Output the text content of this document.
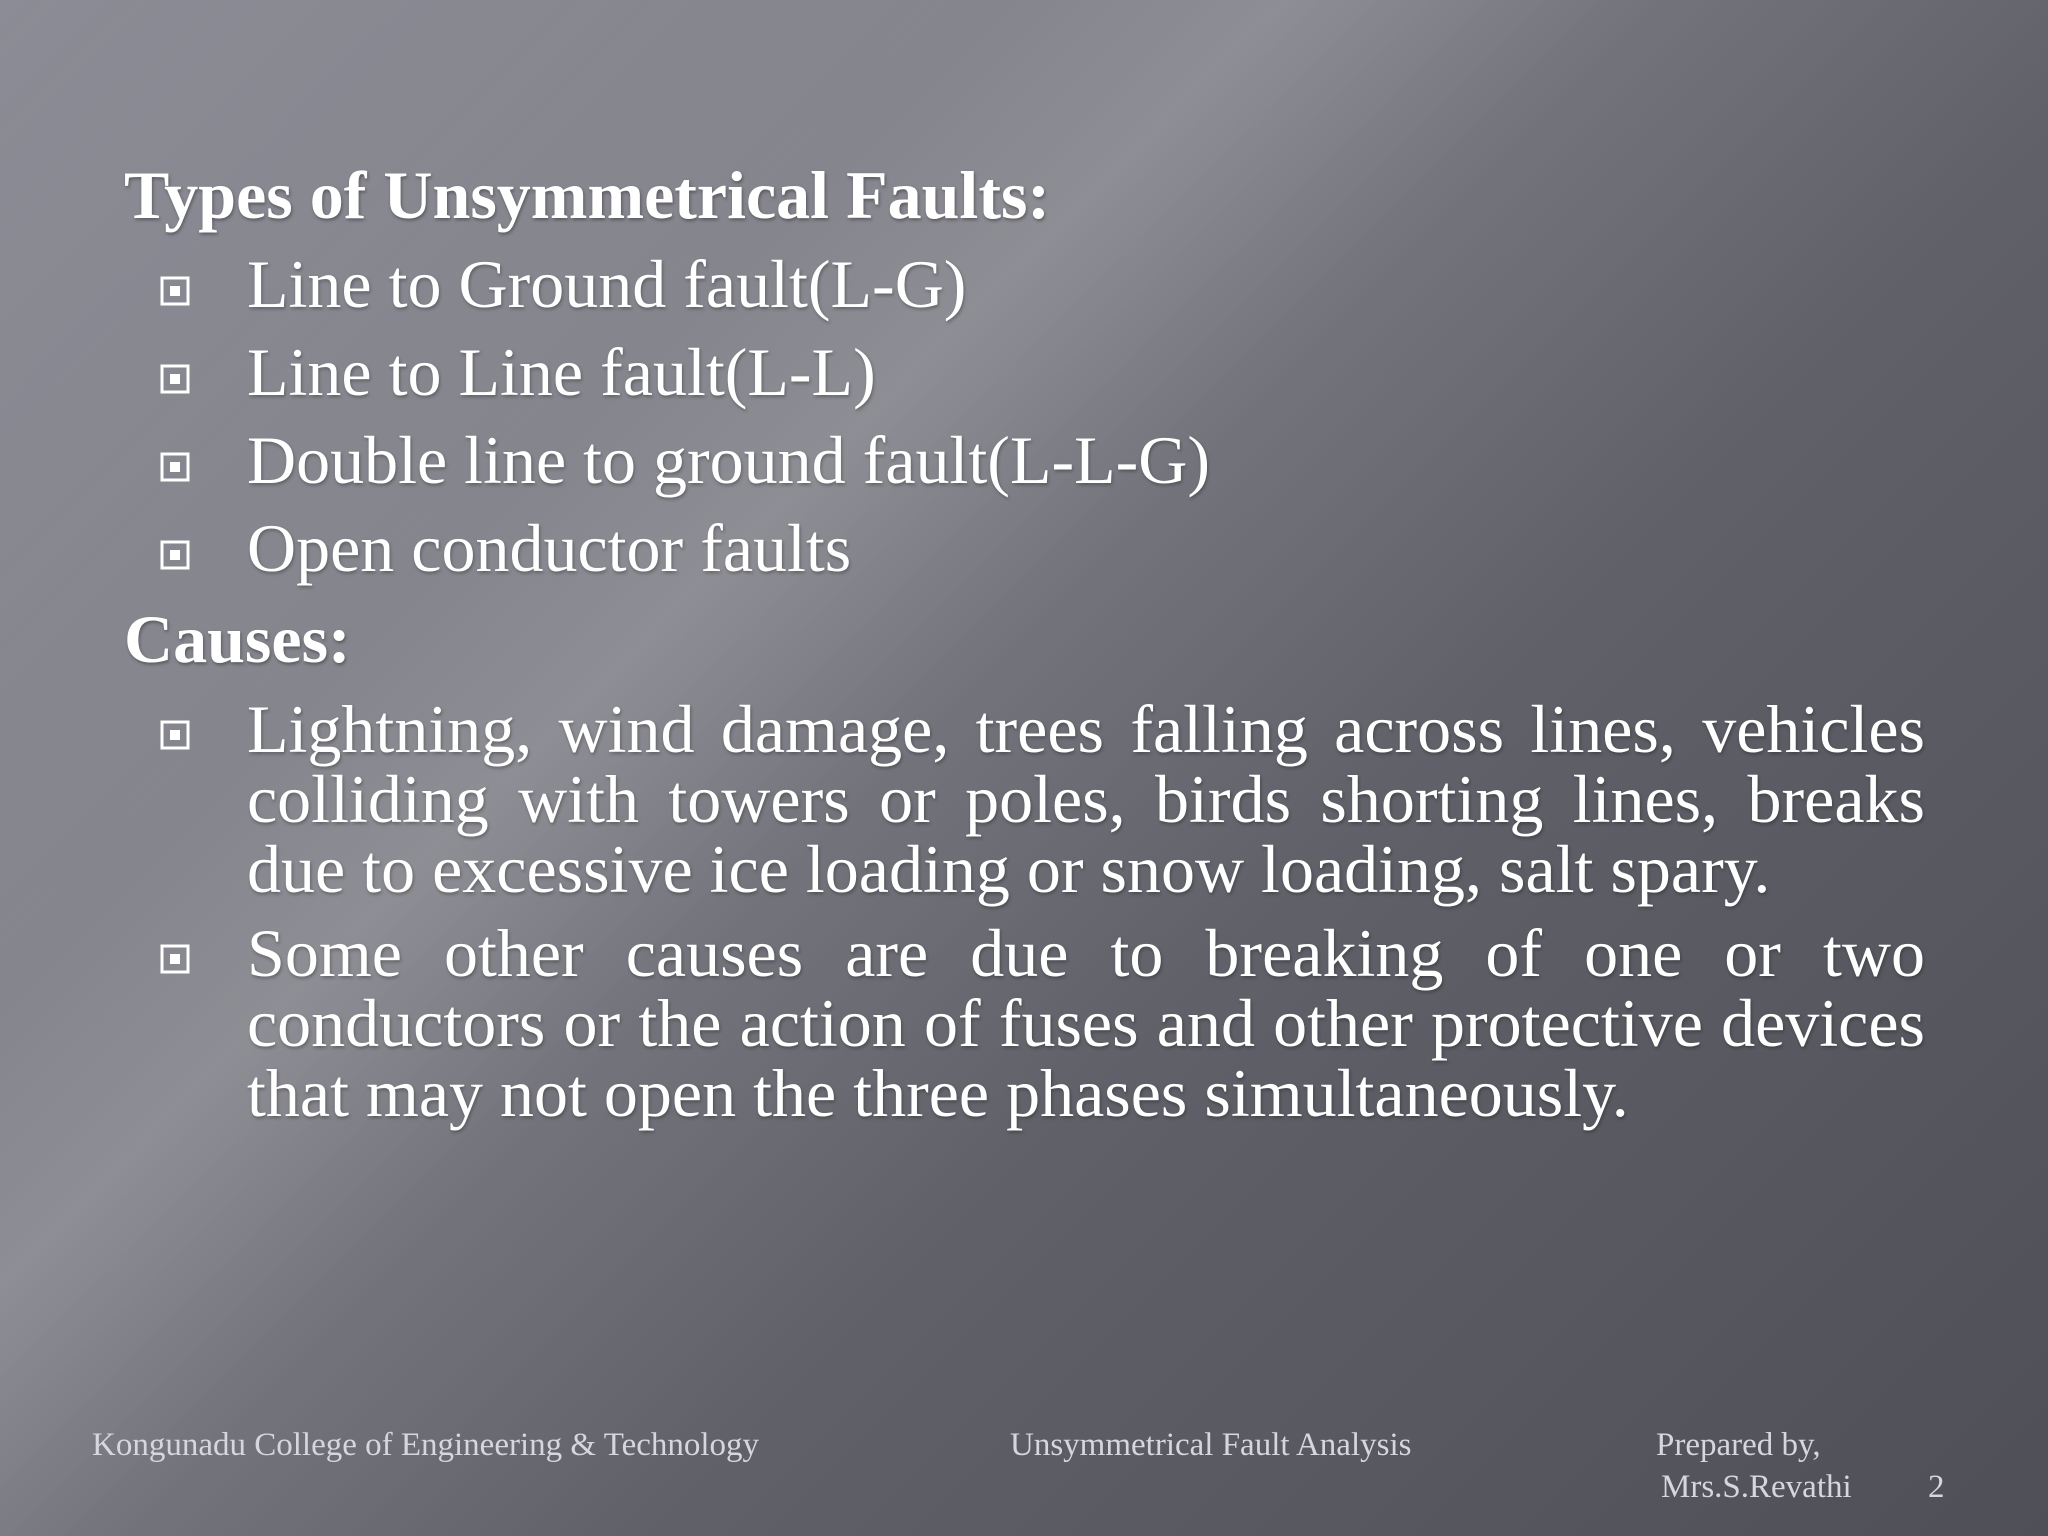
Types of Unsymmetrical Faults:

Line to Ground fault(L-G)
Line to Line fault(L-L)
Double line to ground fault(L-L-G)
Open conductor faults

Causes:

Lightning, wind damage, trees falling across lines, vehicles colliding with towers or poles, birds shorting lines, breaks due to excessive ice loading or snow loading, salt spary.
Some other causes are due to breaking of one or two conductors or the action of fuses and other protective devices that may not open the three phases simultaneously.
Kongunadu College of Engineering & Technology	Unsymmetrical Fault Analysis	Prepared by,
Mrs.S.Revathi 2
